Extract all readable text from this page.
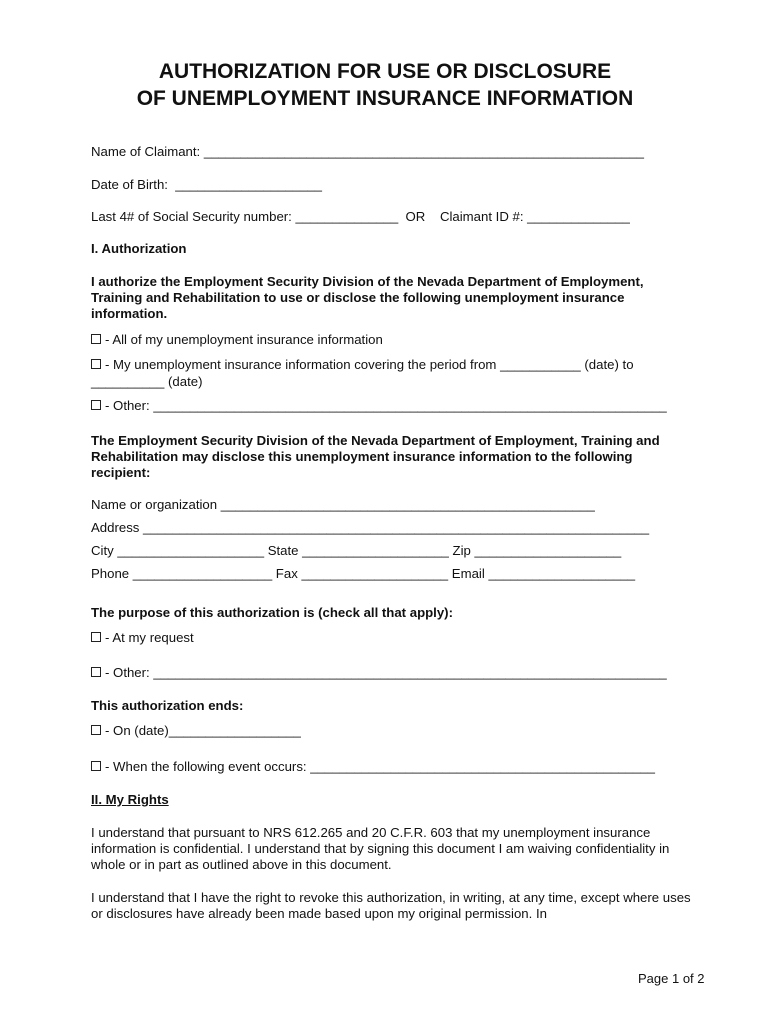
AUTHORIZATION FOR USE OR DISCLOSURE
OF UNEMPLOYMENT INSURANCE INFORMATION
Name of Claimant: ____________________________________________________________
Date of Birth:  ____________________
Last 4# of Social Security number: ______________  OR    Claimant ID #: ______________
I. Authorization
I authorize the Employment Security Division of the Nevada Department of Employment, Training and Rehabilitation to use or disclose the following unemployment insurance information.
- All of my unemployment insurance information
- My unemployment insurance information covering the period from ___________ (date) to
__________ (date)
- Other: ______________________________________________________________________
The Employment Security Division of the Nevada Department of Employment, Training and Rehabilitation may disclose this unemployment insurance information to the following recipient:
Name or organization ___________________________________________________
Address _____________________________________________________________________
City ____________________ State ____________________ Zip ____________________
Phone ___________________ Fax ____________________ Email ____________________
The purpose of this authorization is (check all that apply):
- At my request
- Other: ______________________________________________________________________
This authorization ends:
- On (date)__________________
- When the following event occurs: _______________________________________________
II. My Rights
I understand that pursuant to NRS 612.265 and 20 C.F.R. 603 that my unemployment insurance information is confidential. I understand that by signing this document I am waiving confidentiality in whole or in part as outlined above in this document.
I understand that I have the right to revoke this authorization, in writing, at any time, except where uses or disclosures have already been made based upon my original permission. In
Page 1 of 2
